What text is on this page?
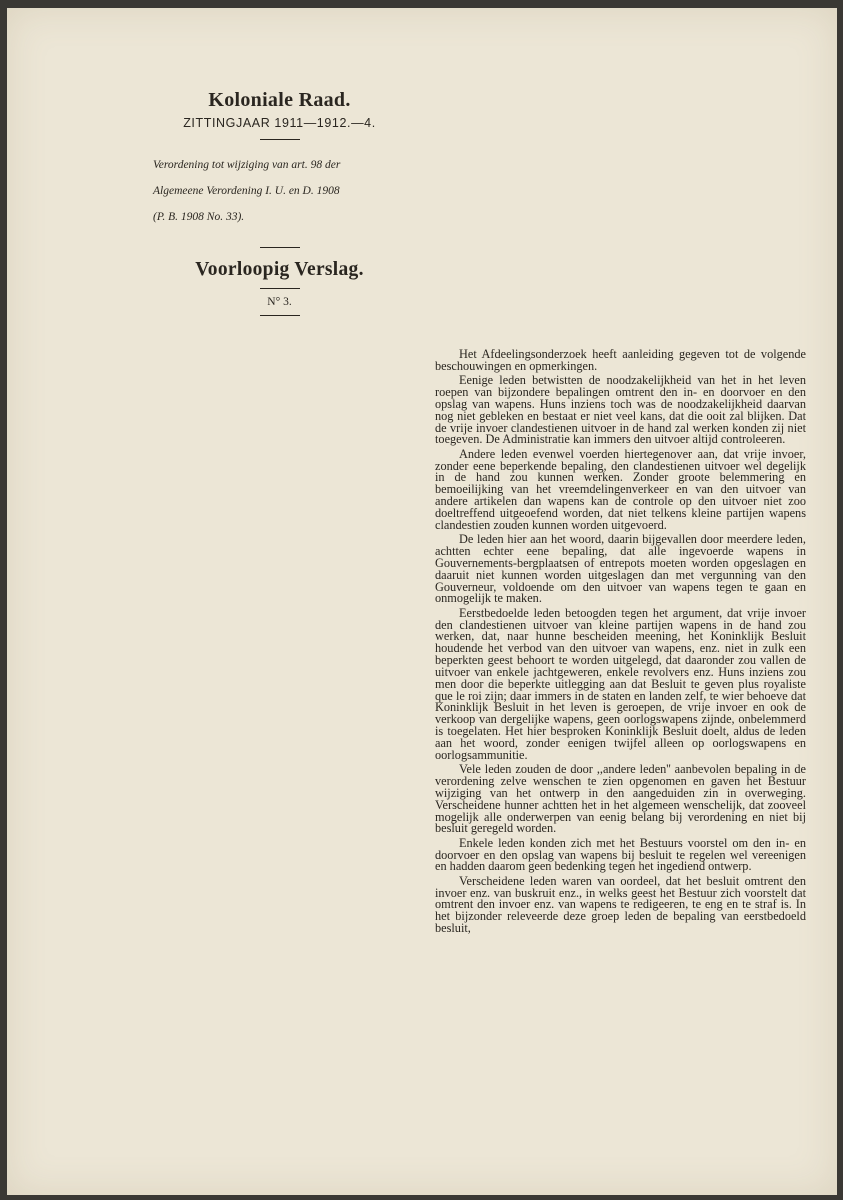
Koloniale Raad.
ZITTINGJAAR 1911—1912.—4.

Verordening tot wijziging van art. 98 der

Algemeene Verordening I. U. en D. 1908

(P. B. 1908 No. 33).

Voorloopig Verslag.
N° 3.

Het Afdeelingsonderzoek heeft aanleiding gegeven tot de volgende beschouwingen en opmerkingen.

Eenige leden betwistten de noodzakelijkheid van het in het leven roepen van bijzondere bepalingen omtrent den in- en doorvoer en den opslag van wapens. Huns inziens toch was de noodzakelijkheid daarvan nog niet gebleken en bestaat er niet veel kans, dat die ooit zal blijken. Dat de vrije invoer clandestienen uitvoer in de hand zal werken konden zij niet toegeven. De Administratie kan immers den uitvoer altijd controleeren.

Andere leden evenwel voerden hiertegenover aan, dat vrije invoer, zonder eene beperkende bepaling, den clandestienen uitvoer wel degelijk in de hand zou kunnen werken. Zonder groote belemmering en bemoeilijking van het vreemdelingenverkeer en van den uitvoer van andere artikelen dan wapens kan de controle op den uitvoer niet zoo doeltreffend uitgeoefend worden, dat niet telkens kleine partijen wapens clandestien zouden kunnen worden uitgevoerd.

De leden hier aan het woord, daarin bijgevallen door meerdere leden, achtten echter eene bepaling, dat alle ingevoerde wapens in Gouvernements-bergplaatsen of entrepots moeten worden opgeslagen en daaruit niet kunnen worden uitgeslagen dan met vergunning van den Gouverneur, voldoende om den uitvoer van wapens tegen te gaan en onmogelijk te maken.

Eerstbedoelde leden betoogden tegen het argument, dat vrije invoer den clandestienen uitvoer van kleine partijen wapens in de hand zou werken, dat, naar hunne bescheiden meening, het Koninklijk Besluit houdende het verbod van den uitvoer van wapens, enz. niet in zulk een beperkten geest behoort te worden uitgelegd, dat daaronder zou vallen de uitvoer van enkele jachtgeweren, enkele revolvers enz. Huns inziens zou men door die beperkte uitlegging aan dat Besluit te geven plus royaliste que le roi zijn; daar immers in de staten en landen zelf, te wier behoeve dat Koninklijk Besluit in het leven is geroepen, de vrije invoer en ook de verkoop van dergelijke wapens, geen oorlogswapens zijnde, onbelemmerd is toegelaten. Het hier besproken Koninklijk Besluit doelt, aldus de leden aan het woord, zonder eenigen twijfel alleen op oorlogswapens en oorlogsammunitie.

Vele leden zouden de door ,,andere leden'' aanbevolen bepaling in de verordening zelve wenschen te zien opgenomen en gaven het Bestuur wijziging van het ontwerp in den aangeduiden zin in overweging. Verscheidene hunner achtten het in het algemeen wenschelijk, dat zooveel mogelijk alle onderwerpen van eenig belang bij verordening en niet bij besluit geregeld worden.

Enkele leden konden zich met het Bestuurs voorstel om den in- en doorvoer en den opslag van wapens bij besluit te regelen wel vereenigen en hadden daarom geen bedenking tegen het ingediend ontwerp.

Verscheidene leden waren van oordeel, dat het besluit omtrent den invoer enz. van buskruit enz., in welks geest het Bestuur zich voorstelt dat omtrent den invoer enz. van wapens te redigeeren, te eng en te straf is. In het bijzonder releveerde deze groep leden de bepaling van eerstbedoeld besluit,
